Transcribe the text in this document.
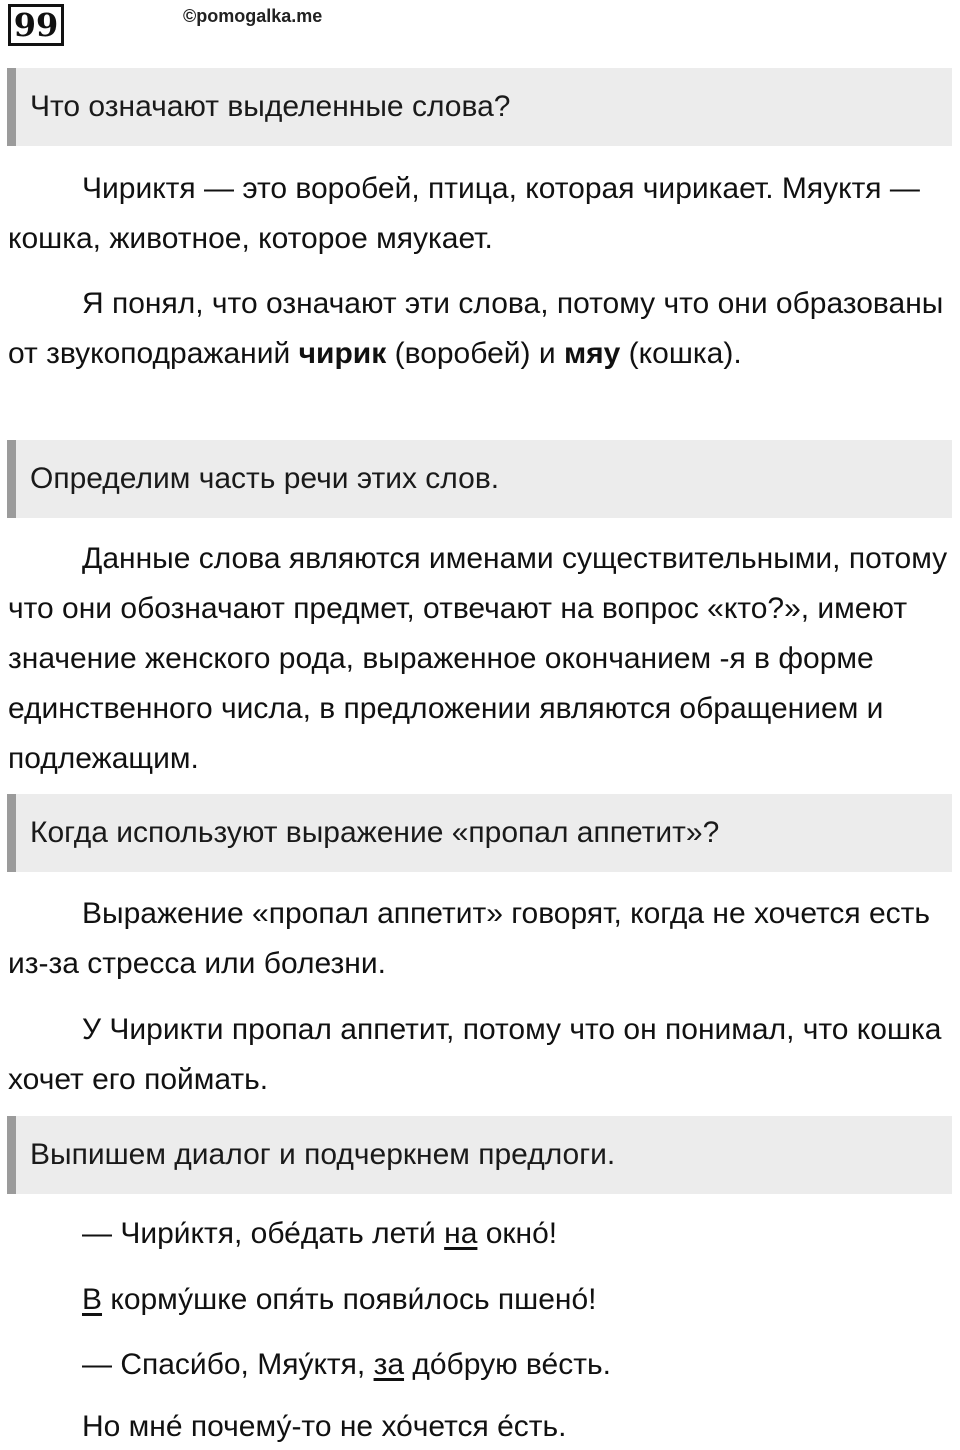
99	©pomogalka.me
Что означают выделенные слова?

Чириктя — это воробей, птица, которая чирикает. Мяуктя — кошка, животное, которое мяукает.

Я понял, что означают эти слова, потому что они образованы от звукоподражаний чирик (воробей) и мяу (кошка).

Определим часть речи этих слов.

Данные слова являются именами существительными, потому что они обозначают предмет, отвечают на вопрос «кто?», имеют значение женского рода, выраженное окончанием -я в форме единственного числа, в предложении являются обращением и подлежащим.

Когда используют выражение «пропал аппетит»?

Выражение «пропал аппетит» говорят, когда не хочется есть из-за стресса или болезни.

У Чирикти пропал аппетит, потому что он понимал, что кошка хочет его поймать.

Выпишем диалог и подчеркнем предлоги.
— Чири́ктя, обе́дать лети́ на окно́!
В корму́шке опя́ть появи́лось пшено́!
— Спаси́бо, Мяу́ктя, за до́брую ве́сть.
Но мне́ почему́-то не хо́чется е́сть.
